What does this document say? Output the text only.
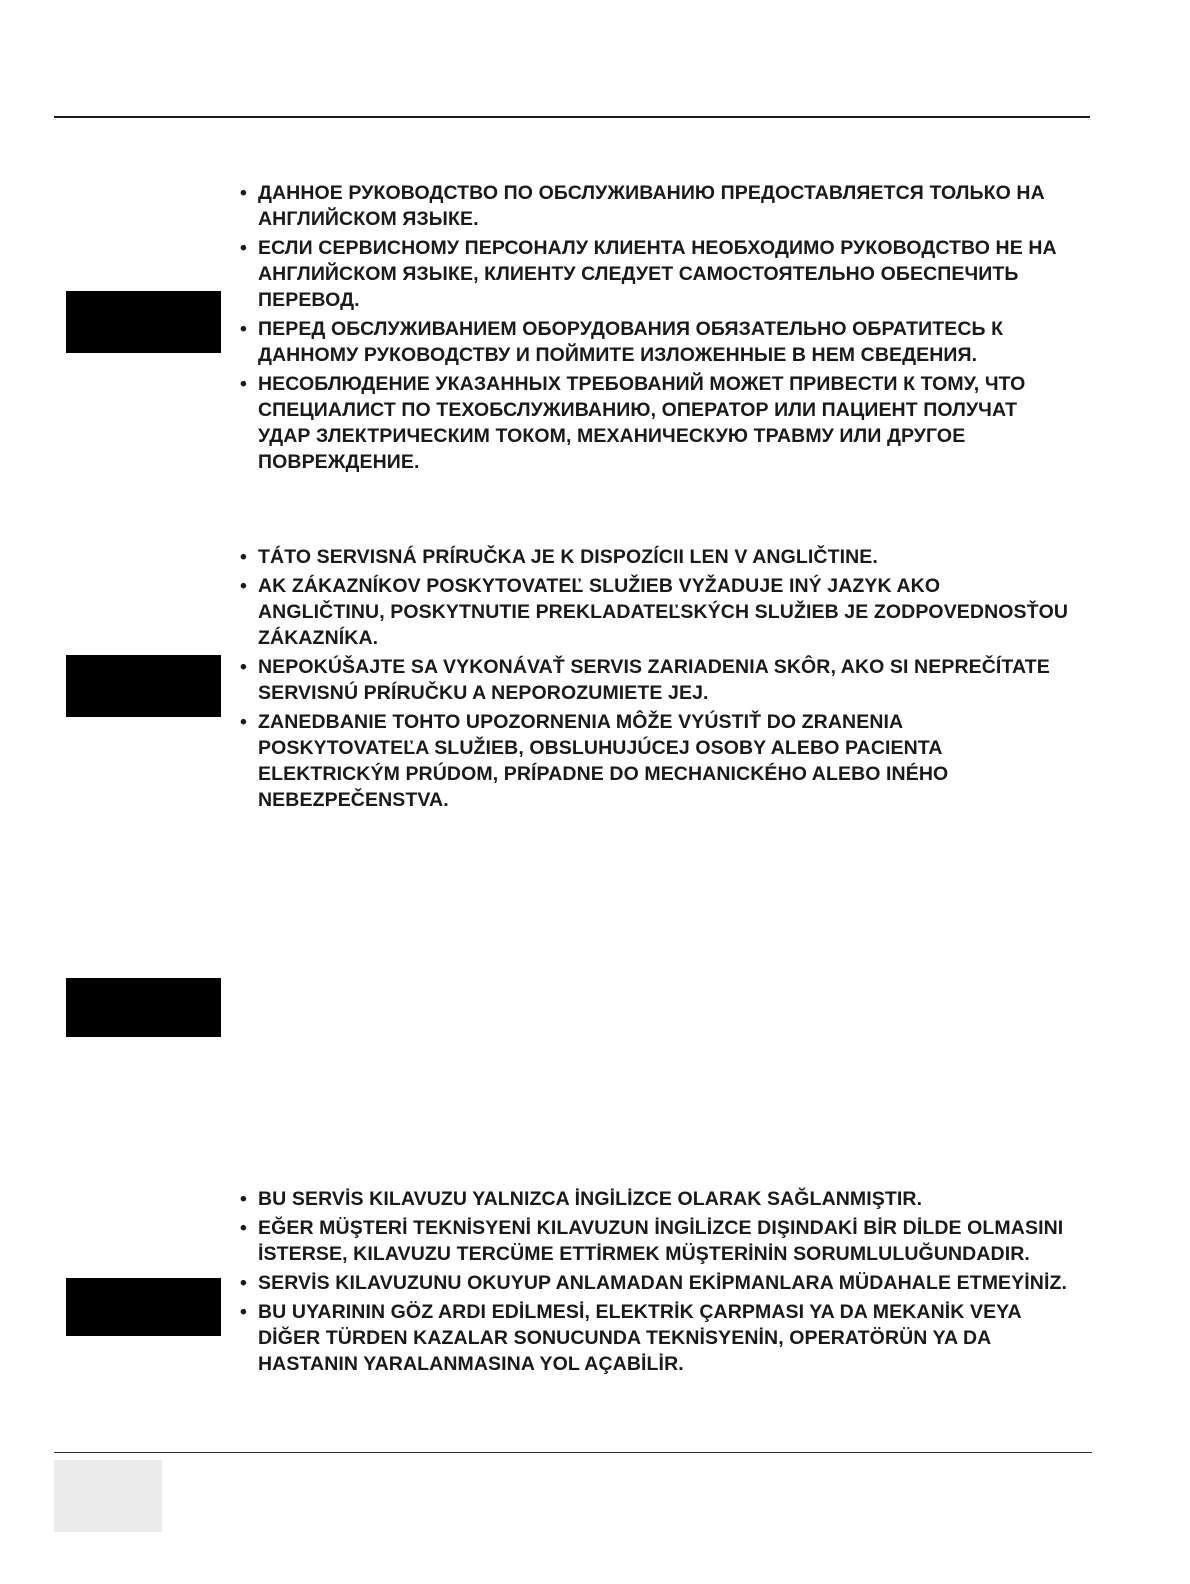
• ДАННОЕ РУКОВОДСТВО ПО ОБСЛУЖИВАНИЮ ПРЕДОСТАВЛЯЕТСЯ ТОЛЬКО НА АНГЛИЙСКОМ ЯЗЫКЕ.
• ЕСЛИ СЕРВИСНОМУ ПЕРСОНАЛУ КЛИЕНТА НЕОБХОДИМО РУКОВОДСТВО НЕ НА АНГЛИЙСКОМ ЯЗЫКЕ, КЛИЕНТУ СЛЕДУЕТ САМОСТОЯТЕЛЬНО ОБЕСПЕЧИТЬ ПЕРЕВОД.
• ПЕРЕД ОБСЛУЖИВАНИЕМ ОБОРУДОВАНИЯ ОБЯЗАТЕЛЬНО ОБРАТИТЕСЬ К ДАННОМУ РУКОВОДСТВУ И ПОЙМИТЕ ИЗЛОЖЕННЫЕ В НЕМ СВЕДЕНИЯ.
• НЕСОБЛЮДЕНИЕ УКАЗАННЫХ ТРЕБОВАНИЙ МОЖЕТ ПРИВЕСТИ К ТОМУ, ЧТО СПЕЦИАЛИСТ ПО ТЕХОБСЛУЖИВАНИЮ, ОПЕРАТОР ИЛИ ПАЦИЕНТ ПОЛУЧАТ УДАР ЗЛЕКТРИЧЕСКИМ ТОКОМ, МЕХАНИЧЕСКУЮ ТРАВМУ ИЛИ ДРУГОЕ ПОВРЕЖДЕНИЕ.
• TÁTO SERVISNÁ PRÍRUČKA JE K DISPOZÍCII LEN V ANGLIČTINE.
• AK ZÁKAZNÍKOV POSKYTOVATEĽ SLUŽIEB VYŽADUJE INÝ JAZYK AKO ANGLIČTINU, POSKYTNUTIE PREKLADATEĽSKÝCH SLUŽIEB JE ZODPOVEDNOSŤOU ZÁKAZNÍKA.
• NEPOKÚŠAJTE SA VYKONÁVAŤ SERVIS ZARIADENIA SKÔR, AKO SI NEPREČÍTATE SERVISNÚ PRÍRUČKU A NEPOROZUMIETE JEJ.
• ZANEDBANIE TOHTO UPOZORNENIA MÔŽE VYÚSTIŤ DO ZRANENIA POSKYTOVATEĽA SLUŽIEB, OBSLUHUJÚCEJ OSOBY ALEBO PACIENTA ELEKTRICKÝM PRÚDOM, PRÍPADNE DO MECHANICKÉHO ALEBO INÉHO NEBEZPEČENSTVA.
• BU SERVİS KILAVUZU YALNIZCA İNGİLİZCE OLARAK SAĞLANMIŞTIR.
• EĞER MÜŞTERİ TEKNİSYENİ KILAVUZUN İNGİLİZCE DIŞINDAKİ BİR DİLDE OLMASINI İSTERSE, KILAVUZU TERCÜME ETTİRMEK MÜŞTERİNİN SORUMLULUĞUNDADIR.
• SERVİS KILAVUZUNU OKUYUP ANLAMADAN EKİPMANLARA MÜDAHALE ETMEYİNİZ.
• BU UYARININ GÖZ ARDI EDİLMESİ, ELEKTRİK ÇARPMASI YA DA MEKANİK VEYA DİĞER TÜRDEN KAZALAR SONUCUNDA TEKNİSYENİN, OPERATÖRÜN YA DA HASTANIN YARALANMASINA YOL AÇABİLİR.
